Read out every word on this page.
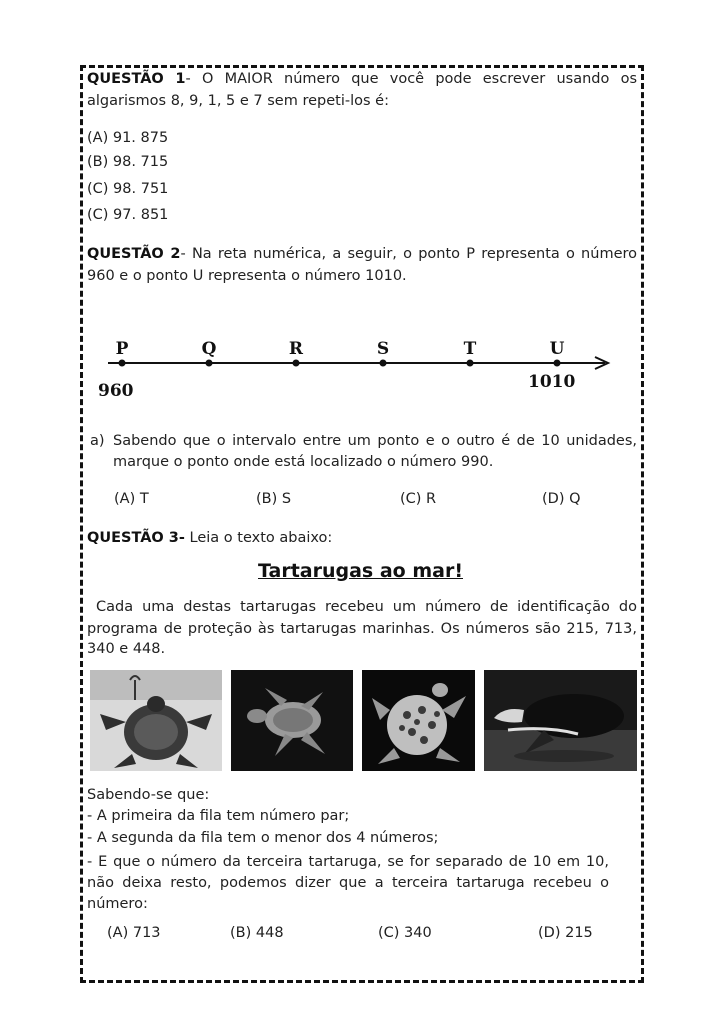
QUESTÃO 1- O MAIOR número que você pode escrever usando os
algarismos 8, 9, 1, 5 e 7 sem repeti-los é:
(A) 91. 875
(B) 98. 715
(C) 98. 751
(C) 97. 851
QUESTÃO 2- Na reta numérica, a seguir, o ponto P representa o número
960 e o ponto U representa o número 1010.
P	Q	R	S	T	U
960	1010
a) Sabendo que o intervalo entre um ponto e o outro é de 10 unidades,
marque o ponto onde está localizado o número 990.
(A) T	(B) S	(C) R	(D) Q
QUESTÃO 3- Leia o texto abaixo:
Tartarugas ao mar!
Cada uma destas tartarugas recebeu um número de identificação do
programa de proteção às tartarugas marinhas. Os números são 215, 713,
340 e 448.
Sabendo-se que:
- A primeira da fila tem número par;
- A segunda da fila tem o menor dos 4 números;
- E que o número da terceira tartaruga, se for separado de 10 em 10,
não deixa resto, podemos dizer que a terceira tartaruga recebeu o
número:
(A) 713	(B) 448	(C) 340	(D) 215
